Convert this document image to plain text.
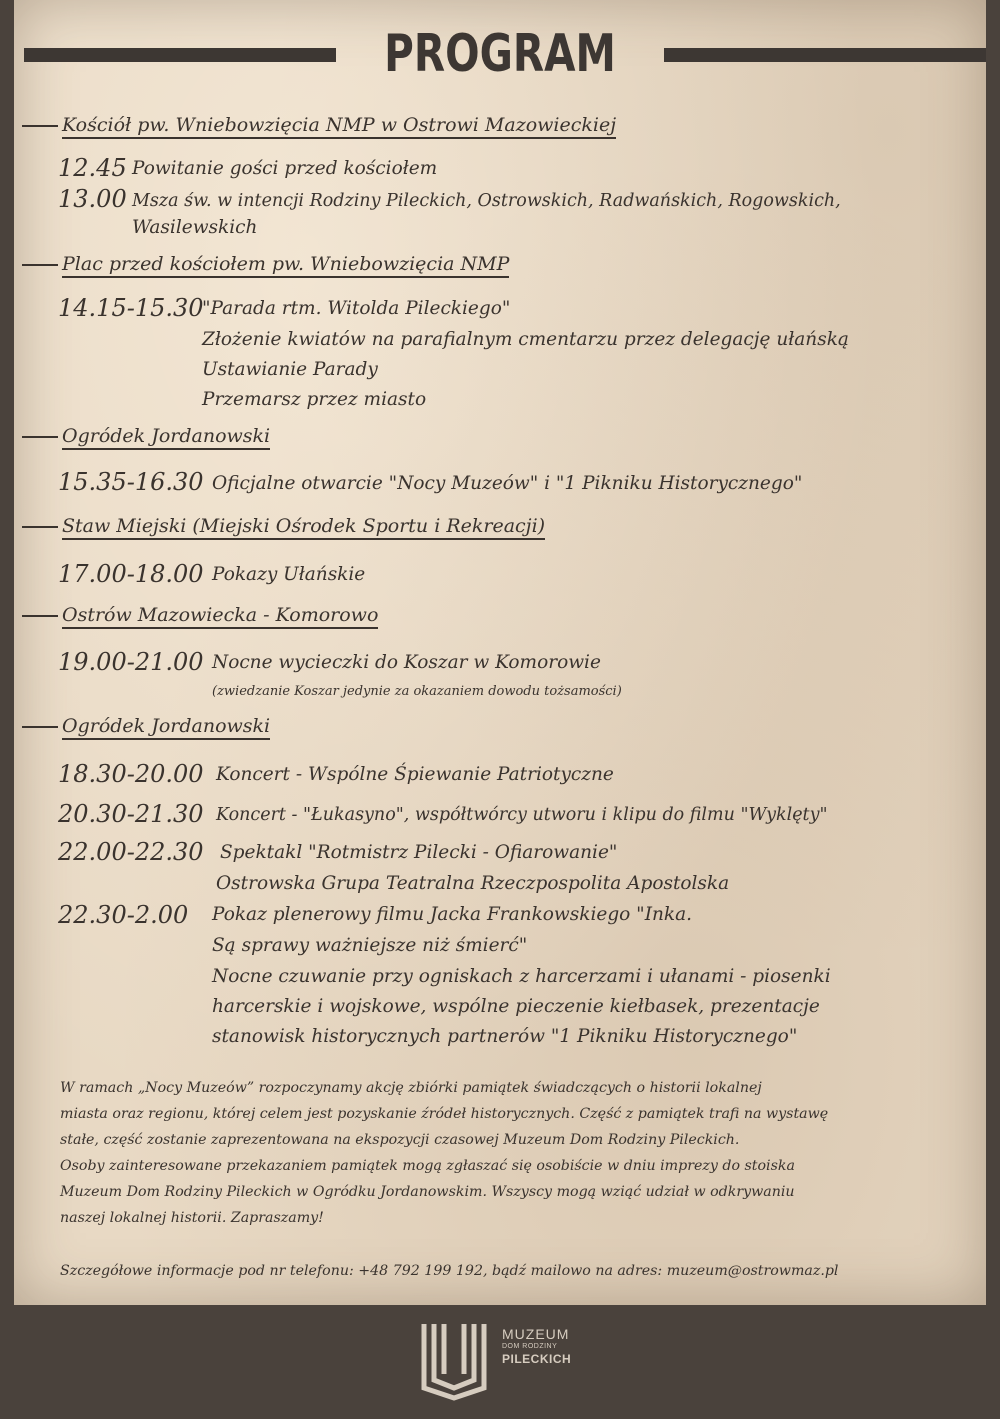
PROGRAM
Kościół pw. Wniebowzięcia NMP w Ostrowi Mazowieckiej
12.45 Powitanie gości przed kościołem
13.00 Msza św. w intencji Rodziny Pileckich, Ostrowskich, Radwańskich, Rogowskich,
Wasilewskich
Plac przed kościołem pw. Wniebowzięcia NMP
14.15-15.30
"Parada rtm. Witolda Pileckiego"
Złożenie kwiatów na parafialnym cmentarzu przez delegację ułańską
Ustawianie Parady
Przemarsz przez miasto
Ogródek Jordanowski
15.35-16.30 Oficjalne otwarcie "Nocy Muzeów" i "1 Pikniku Historycznego"
Staw Miejski (Miejski Ośrodek Sportu i Rekreacji)
17.00-18.00 Pokazy Ułańskie
Ostrów Mazowiecka - Komorowo
19.00-21.00 Nocne wycieczki do Koszar w Komorowie
(zwiedzanie Koszar jedynie za okazaniem dowodu tożsamości)
Ogródek Jordanowski
18.30-20.00 Koncert - Wspólne Śpiewanie Patriotyczne
20.30-21.30 Koncert - "Łukasyno", współtwórcy utworu i klipu do filmu "Wyklęty"
22.00-22.30 Spektakl "Rotmistrz Pilecki - Ofiarowanie"
Ostrowska Grupa Teatralna Rzeczpospolita Apostolska
22.30-2.00 Pokaz plenerowy filmu Jacka Frankowskiego "Inka.
Są sprawy ważniejsze niż śmierć"
Nocne czuwanie przy ogniskach z harcerzami i ułanami - piosenki
harcerskie i wojskowe, wspólne pieczenie kiełbasek, prezentacje
stanowisk historycznych partnerów "1 Pikniku Historycznego"
W ramach „Nocy Muzeów” rozpoczynamy akcję zbiórki pamiątek świadczących o historii lokalnej
miasta oraz regionu, której celem jest pozyskanie źródeł historycznych. Część z pamiątek trafi na wystawę
stałe, część zostanie zaprezentowana na ekspozycji czasowej Muzeum Dom Rodziny Pileckich.
Osoby zainteresowane przekazaniem pamiątek mogą zgłaszać się osobiście w dniu imprezy do stoiska
Muzeum Dom Rodziny Pileckich w Ogródku Jordanowskim. Wszyscy mogą wziąć udział w odkrywaniu
naszej lokalnej historii. Zapraszamy!
Szczegółowe informacje pod nr telefonu: +48 792 199 192, bądź mailowo na adres: muzeum@ostrowmaz.pl
MUZEUM
DOM RODZINY
PILECKICH
